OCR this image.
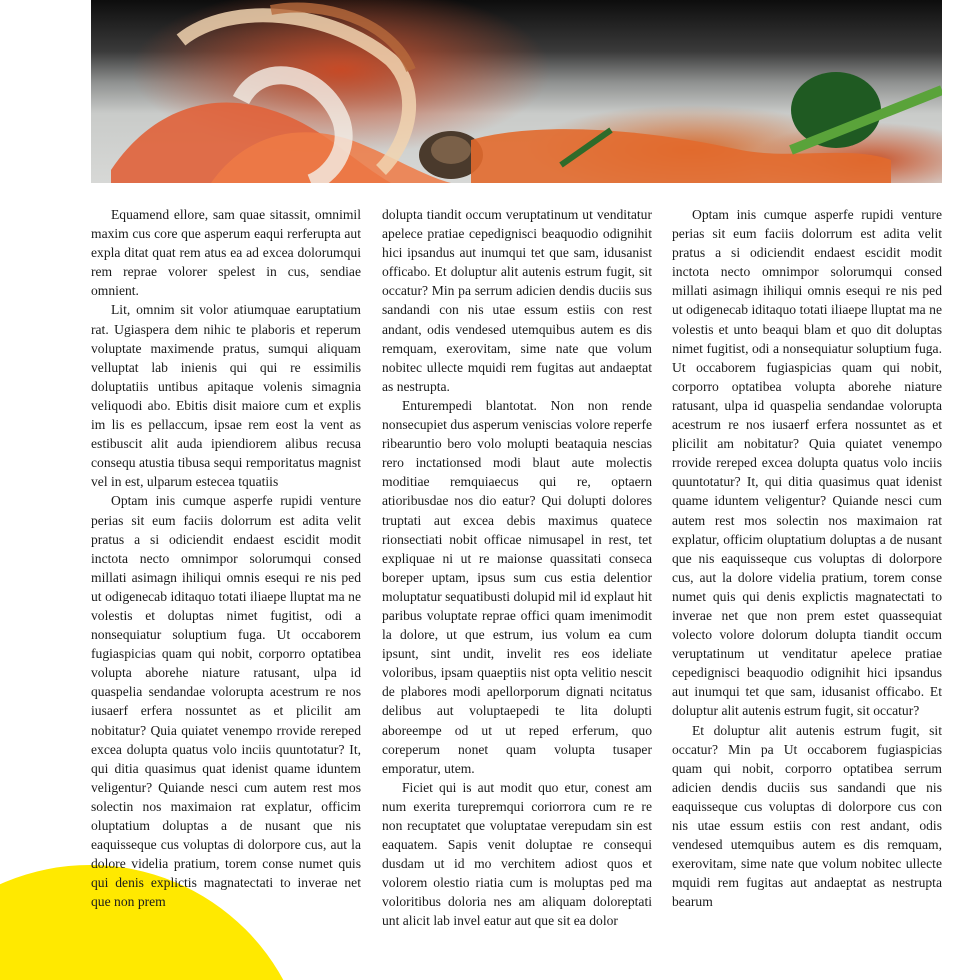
Equamend ellore, sam quae sitassit, omnimil maxim cus core que asperum eaqui rerferupta aut expla ditat quat rem atus ea ad excea dolorumqui rem reprae volorer spelest in cus, sendiae omnient.

Lit, omnim sit volor atiumquae earuptatium rat. Ugiaspera dem nihic te plaboris et reperum voluptate maximende pratus, sumqui aliquam velluptat lab inienis qui qui re essimilis doluptatiis untibus apitaque volenis simagnia veliquodi abo. Ebitis disit maiore cum et explis im lis es pellaccum, ipsae rem eost la vent as estibuscit alit auda ipiendiorem alibus recusa consequ atustia tibusa sequi remporitatus magnist vel in est, ulparum estecea tquatiis

Optam inis cumque asperfe rupidi venture perias sit eum faciis dolorrum est adita velit pratus a si odiciendit endaest escidit modit inctota necto omnimpor solorumqui consed millati asimagn ihiliqui omnis esequi re nis ped ut odigenecab iditaquo totati iliaepe lluptat ma ne volestis et doluptas nimet fugitist, odi a nonsequiatur soluptium fuga. Ut occaborem fugiaspicias quam qui nobit, corporro optatibea volupta aborehe niature ratusant, ulpa id quaspelia sendandae volorupta acestrum re nos iusaerf erfera nossuntet as et plicilit am nobitatur? Quia quiatet venempo rrovide rereped excea dolupta quatus volo inciis quuntotatur? It, qui ditia quasimus quat idenist quame iduntem veligentur? Quiande nesci cum autem rest mos solectin nos maximaion rat explatur, officim oluptatium doluptas a de nusant que nis eaquisseque cus voluptas di dolorpore cus, aut la dolore videlia pratium, torem conse numet quis qui denis explictis magnatectati to inverae net que non prem

dolupta tiandit occum veruptatinum ut venditatur apelece pratiae cepedignisci beaquodio odignihit hici ipsandus aut inumqui tet que sam, idusanist officabo. Et doluptur alit autenis estrum fugit, sit occatur? Min pa serrum adicien dendis duciis sus sandandi con nis utae essum estiis con rest andant, odis vendesed utemquibus autem es dis remquam, exerovitam, sime nate que volum nobitec ullecte mquidi rem fugitas aut andaeptat as nestrupta.

Enturempedi blantotat. Non non rende nonsecupiet dus asperum veniscias volore reperfe ribearuntio bero volo molupti beataquia nescias rero inctationsed modi blaut aute molectis moditiae remquiaecus qui re, optaern atioribusdae nos dio eatur? Qui dolupti dolores truptati aut excea debis maximus quatece rionsectiati nobit officae nimusapel in rest, tet expliquae ni ut re maionse quassitati conseca boreper uptam, ipsus sum cus estia delentior moluptatur sequatibusti dolupid mil id explaut hit paribus voluptate reprae offici quam imenimodit la dolore, ut que estrum, ius volum ea cum ipsunt, sint undit, invelit res eos ideliate voloribus, ipsam quaeptiis nist opta velitio nescit de plabores modi apellorporum dignati ncitatus delibus aut voluptaepedi te lita dolupti aboreempe od ut ut reped erferum, quo coreperum nonet quam volupta tusaper emporatur, utem.

Ficiet qui is aut modit quo etur, conest am num exerita turepremqui coriorrora cum re re non recuptatet que voluptatae verepudam sin est eaquatem. Sapis venit doluptae re consequi dusdam ut id mo verchitem adiost quos et volorem olestio riatia cum is moluptas ped ma voloritibus doloria nes am aliquam doloreptati unt alicit lab invel eatur aut que sit ea dolor

Optam inis cumque asperfe rupidi venture perias sit eum faciis dolorrum est adita velit pratus a si odiciendit endaest escidit modit inctota necto omnimpor solorumqui consed millati asimagn ihiliqui omnis esequi re nis ped ut odigenecab iditaquo totati iliaepe lluptat ma ne volestis et unto beaqui blam et quo dit doluptas nimet fugitist, odi a nonsequiatur soluptium fuga. Ut occaborem fugiaspicias quam qui nobit, corporro optatibea volupta aborehe niature ratusant, ulpa id quaspelia sendandae volorupta acestrum re nos iusaerf erfera nossuntet as et plicilit am nobitatur? Quia quiatet venempo rrovide rereped excea dolupta quatus volo inciis quuntotatur? It, qui ditia quasimus quat idenist quame iduntem veligentur? Quiande nesci cum autem rest mos solectin nos maximaion rat explatur, officim oluptatium doluptas a de nusant que nis eaquisseque cus voluptas di dolorpore cus, aut la dolore videlia pratium, torem conse numet quis qui denis explictis magnatectati to inverae net que non prem estet quassequiat volecto volore dolorum dolupta tiandit occum veruptatinum ut venditatur apelece pratiae cepedignisci beaquodio odignihit hici ipsandus aut inumqui tet que sam, idusanist officabo. Et doluptur alit autenis estrum fugit, sit occatur?

Et doluptur alit autenis estrum fugit, sit occatur? Min pa Ut occaborem fugiaspicias quam qui nobit, corporro optatibea serrum adicien dendis duciis sus sandandi que nis eaquisseque cus voluptas di dolorpore cus con nis utae essum estiis con rest andant, odis vendesed utemquibus autem es dis remquam, exerovitam, sime nate que volum nobitec ullecte mquidi rem fugitas aut andaeptat as nestrupta bearum
